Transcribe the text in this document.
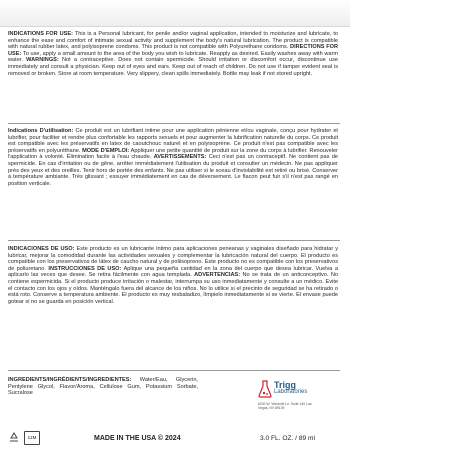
INDICATIONS FOR USE: This is a Personal lubricant, for penile and/or vaginal application, intended to moisturize and lubricate, to enhance the ease and comfort of intimate sexual activity and supplement the body's natural lubrication. The product is compatible with natural rubber latex, and polyisoprene condoms. This product is not compatible with Polyurethane condoms. DIRECTIONS FOR USE: To use, apply a small amount to the area of the body you wish to lubricate. Reapply as desired. Easily washes away with warm water. WARNINGS: Not a contraceptive. Does not contain spermicide. Should irritation or discomfort occur, discontinue use immediately and consult a physician. Keep out of eyes and ears. Keep out of reach of children. Do not use if tamper evident seal is removed or broken. Store at room temperature. Very slippery, clean spills immediately. Bottle may leak if not stored upright.
Indications D'utilisation: Ce produit est un lubrifiant intime pour une application pénienne et/ou vaginale, conçu pour hydrater et lubrifier, pour faciliter et rendre plus confortable les rapports sexuels et pour augmenter la lubrification naturelle du corps. Ce produit est compatible avec les préservatifs en latex de caoutchouc naturel et en polyisoprène. Ce produit n'est pas compatible avec les préservatifs en polyuréthane. MODE D'EMPLOI: Appliquer une petite quantité de produit sur la zone du corps à lubrifier. Renouveler l'application à volonté. Élimination facile à l'eau chaude. AVERTISSEMENTS: Ceci n'est pas un contraceptif. Ne contient pas de spermicide. En cas d'irritation ou de gêne, arrêter immédiatement l'utilisation du produit et consulter un médecin. Ne pas appliquer près des yeux et des oreilles. Tenir hors de portée des enfants. Ne pas utiliser si le sceau d'inviolabilité est retiré ou brisé. Conserver à température ambiante. Très glissant ; essuyer immédiatement en cas de déversement. Le flacon peut fuir s'il n'est pas rangé en position verticale.
INDICACIONES DE USO: Este producto es un lubricante íntimo para aplicaciones peneanas y vaginales diseñado para hidratar y lubricar, mejorar la comodidad durante las actividades sexuales y complementar la lubricación natural del cuerpo. El producto es compatible con los preservativos de látex de caucho natural y de poliisopreno. Este producto no es compatible con los preservativos de poliuretano. INSTRUCCIONES DE USO: Aplique una pequeña cantidad en la zona del cuerpo que desea lubricar. Vuelva a aplicarlo las veces que desee. Se retira fácilmente con agua templada. ADVERTENCIAS: No se trata de un anticonceptivo. No contiene espermicida. Si el producto produce irritación o malestar, interrumpa su uso inmediatamente y consulte a un médico. Evite el contacto con los ojos y oídos. Manténgalo fuera del alcance de los niños. No lo utilice si el precinto de seguridad se ha retirado o está roto. Conserve a temperatura ambiente. El producto es muy resbaladizo, límpielo inmediatamente si se vierte. El envase puede gotear si no se guarda en posición vertical.
INGREDIENTS/INGRÉDIENTS/INGREDIENTES: Water/Eau, Glycerin, Pentylene Glycol, Flavor/Aroma, Cellulose Gum, Potassium Sorbate, Sucralose
Trigg
Laboratories
6200 W. Windmill Ln. Suite 140 Las Vegas, NV 89139
12M	MADE IN THE USA © 2024	3.0 FL. OZ. / 89 ml
